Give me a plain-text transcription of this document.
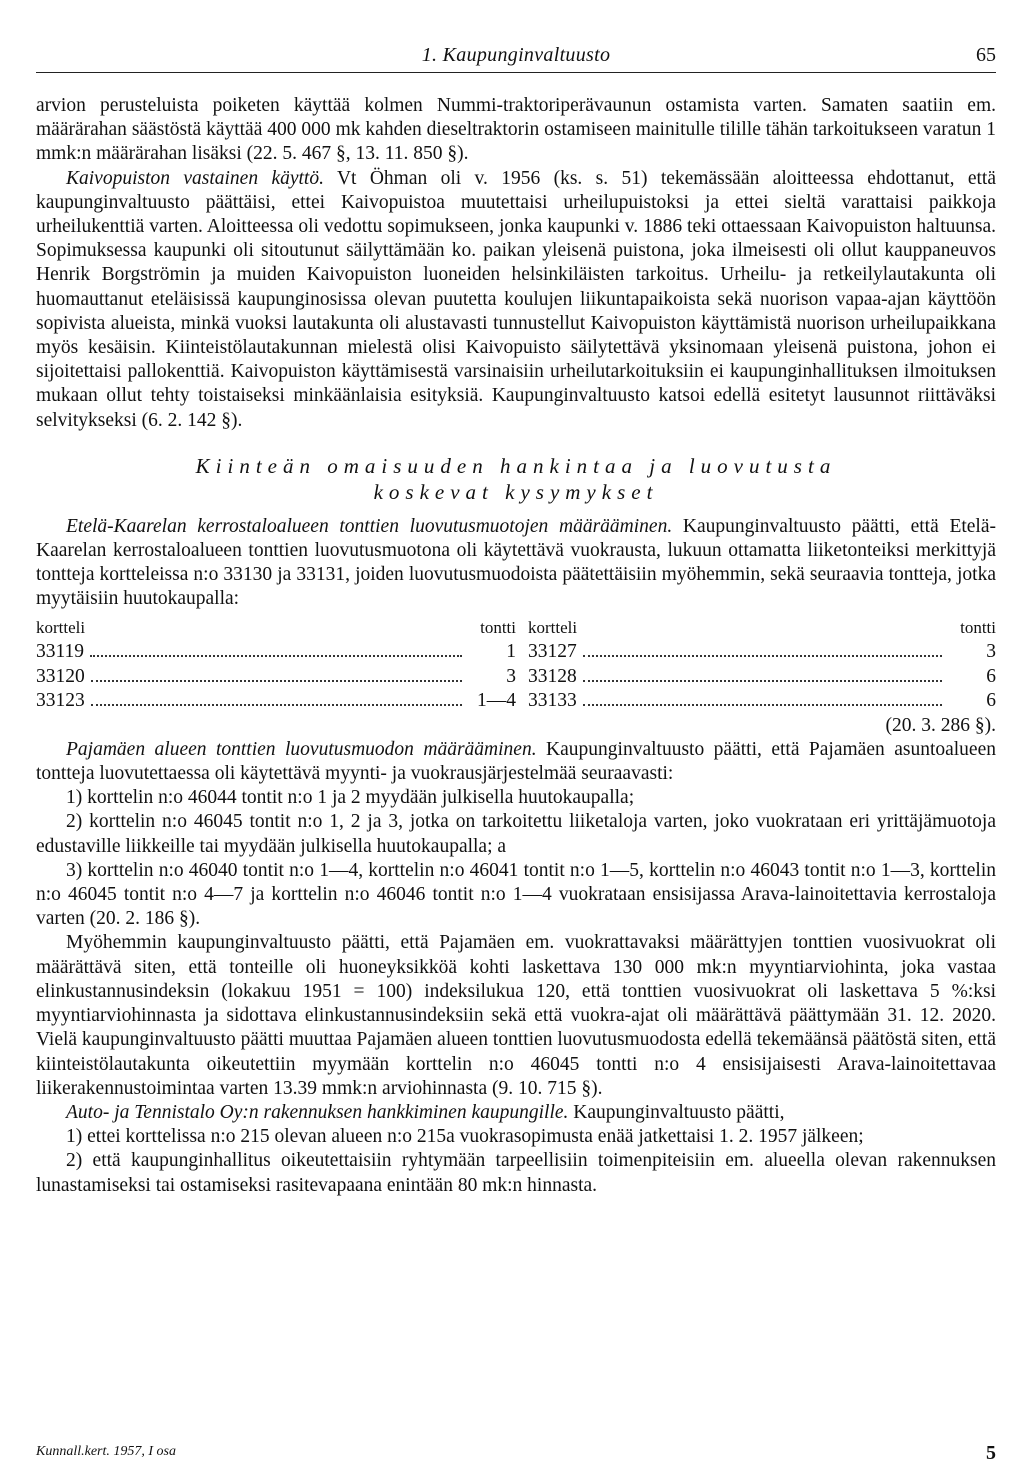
1. Kaupunginvaltuusto	65

arvion perusteluista poiketen käyttää kolmen Nummi-traktoriperävaunun ostamista varten. Samaten saatiin em. määrärahan säästöstä käyttää 400 000 mk kahden dieseltraktorin ostamiseen mainitulle tilille tähän tarkoitukseen varatun 1 mmk:n määrärahan lisäksi (22. 5. 467 §, 13. 11. 850 §).

Kaivopuiston vastainen käyttö. Vt Öhman oli v. 1956 (ks. s. 51) tekemässään aloitteessa ehdottanut, että kaupunginvaltuusto päättäisi, ettei Kaivopuistoa muutettaisi urheilupuistoksi ja ettei sieltä varattaisi paikkoja urheilukenttiä varten. Aloitteessa oli vedottu sopimukseen, jonka kaupunki v. 1886 teki ottaessaan Kaivopuiston haltuunsa. Sopimuksessa kaupunki oli sitoutunut säilyttämään ko. paikan yleisenä puistona, joka ilmeisesti oli ollut kauppaneuvos Henrik Borgströmin ja muiden Kaivopuiston luoneiden helsinkiläisten tarkoitus. Urheilu- ja retkeilylautakunta oli huomauttanut eteläisissä kaupunginosissa olevan puutetta koulujen liikuntapaikoista sekä nuorison vapaa-ajan käyttöön sopivista alueista, minkä vuoksi lautakunta oli alustavasti tunnustellut Kaivopuiston käyttämistä nuorison urheilupaikkana myös kesäisin. Kiinteistölautakunnan mielestä olisi Kaivopuisto säilytettävä yksinomaan yleisenä puistona, johon ei sijoitettaisi pallokenttiä. Kaivopuiston käyttämisestä varsinaisiin urheilutarkoituksiin ei kaupunginhallituksen ilmoituksen mukaan ollut tehty toistaiseksi minkäänlaisia esityksiä. Kaupunginvaltuusto katsoi edellä esitetyt lausunnot riittäväksi selvitykseksi (6. 2. 142 §).

Kiinteän omaisuuden hankintaa ja luovutusta
koskevat kysymykset

Etelä-Kaarelan kerrostaloalueen tonttien luovutusmuotojen määrääminen. Kaupunginvaltuusto päätti, että Etelä-Kaarelan kerrostaloalueen tonttien luovutusmuotona oli käytettävä vuokrausta, lukuun ottamatta liiketonteiksi merkittyjä tontteja kortteleissa n:o 33130 ja 33131, joiden luovutusmuodoista päätettäisiin myöhemmin, sekä seuraavia tontteja, jotka myytäisiin huutokaupalla:

kortteli	tontti	kortteli	tontti

33119	1	33127	3

33120	3	33128	6

33123	1—4	33133	6

(20. 3. 286 §).

Pajamäen alueen tonttien luovutusmuodon määrääminen. Kaupunginvaltuusto päätti, että Pajamäen asuntoalueen tontteja luovutettaessa oli käytettävä myynti- ja vuokrausjärjestelmää seuraavasti:

1) korttelin n:o 46044 tontit n:o 1 ja 2 myydään julkisella huutokaupalla;

2) korttelin n:o 46045 tontit n:o 1, 2 ja 3, jotka on tarkoitettu liiketaloja varten, joko vuokrataan eri yrittäjämuotoja edustaville liikkeille tai myydään julkisella huutokaupalla; a

3) korttelin n:o 46040 tontit n:o 1—4, korttelin n:o 46041 tontit n:o 1—5, korttelin n:o 46043 tontit n:o 1—3, korttelin n:o 46045 tontit n:o 4—7 ja korttelin n:o 46046 tontit n:o 1—4 vuokrataan ensisijassa Arava-lainoitettavia kerrostaloja varten (20. 2. 186 §).

Myöhemmin kaupunginvaltuusto päätti, että Pajamäen em. vuokrattavaksi määrättyjen tonttien vuosivuokrat oli määrättävä siten, että tonteille oli huoneyksikköä kohti laskettava 130 000 mk:n myyntiarviohinta, joka vastaa elinkustannusindeksin (lokakuu 1951 = 100) indeksilukua 120, että tonttien vuosivuokrat oli laskettava 5 %:ksi myyntiarviohinnasta ja sidottava elinkustannusindeksiin sekä että vuokra-ajat oli määrättävä päättymään 31. 12. 2020. Vielä kaupunginvaltuusto päätti muuttaa Pajamäen alueen tonttien luovutusmuodosta edellä tekemäänsä päätöstä siten, että kiinteistölautakunta oikeutettiin myymään korttelin n:o 46045 tontti n:o 4 ensisijaisesti Arava-lainoitettavaa liikerakennustoimintaa varten 13.39 mmk:n arviohinnasta (9. 10. 715 §).

Auto- ja Tennistalo Oy:n rakennuksen hankkiminen kaupungille. Kaupunginvaltuusto päätti,

1) ettei korttelissa n:o 215 olevan alueen n:o 215a vuokrasopimusta enää jatkettaisi 1. 2. 1957 jälkeen;

2) että kaupunginhallitus oikeutettaisiin ryhtymään tarpeellisiin toimenpiteisiin em. alueella olevan rakennuksen lunastamiseksi tai ostamiseksi rasitevapaana enintään 80 mk:n hinnasta.

Kunnall.kert. 1957, I osa	5
